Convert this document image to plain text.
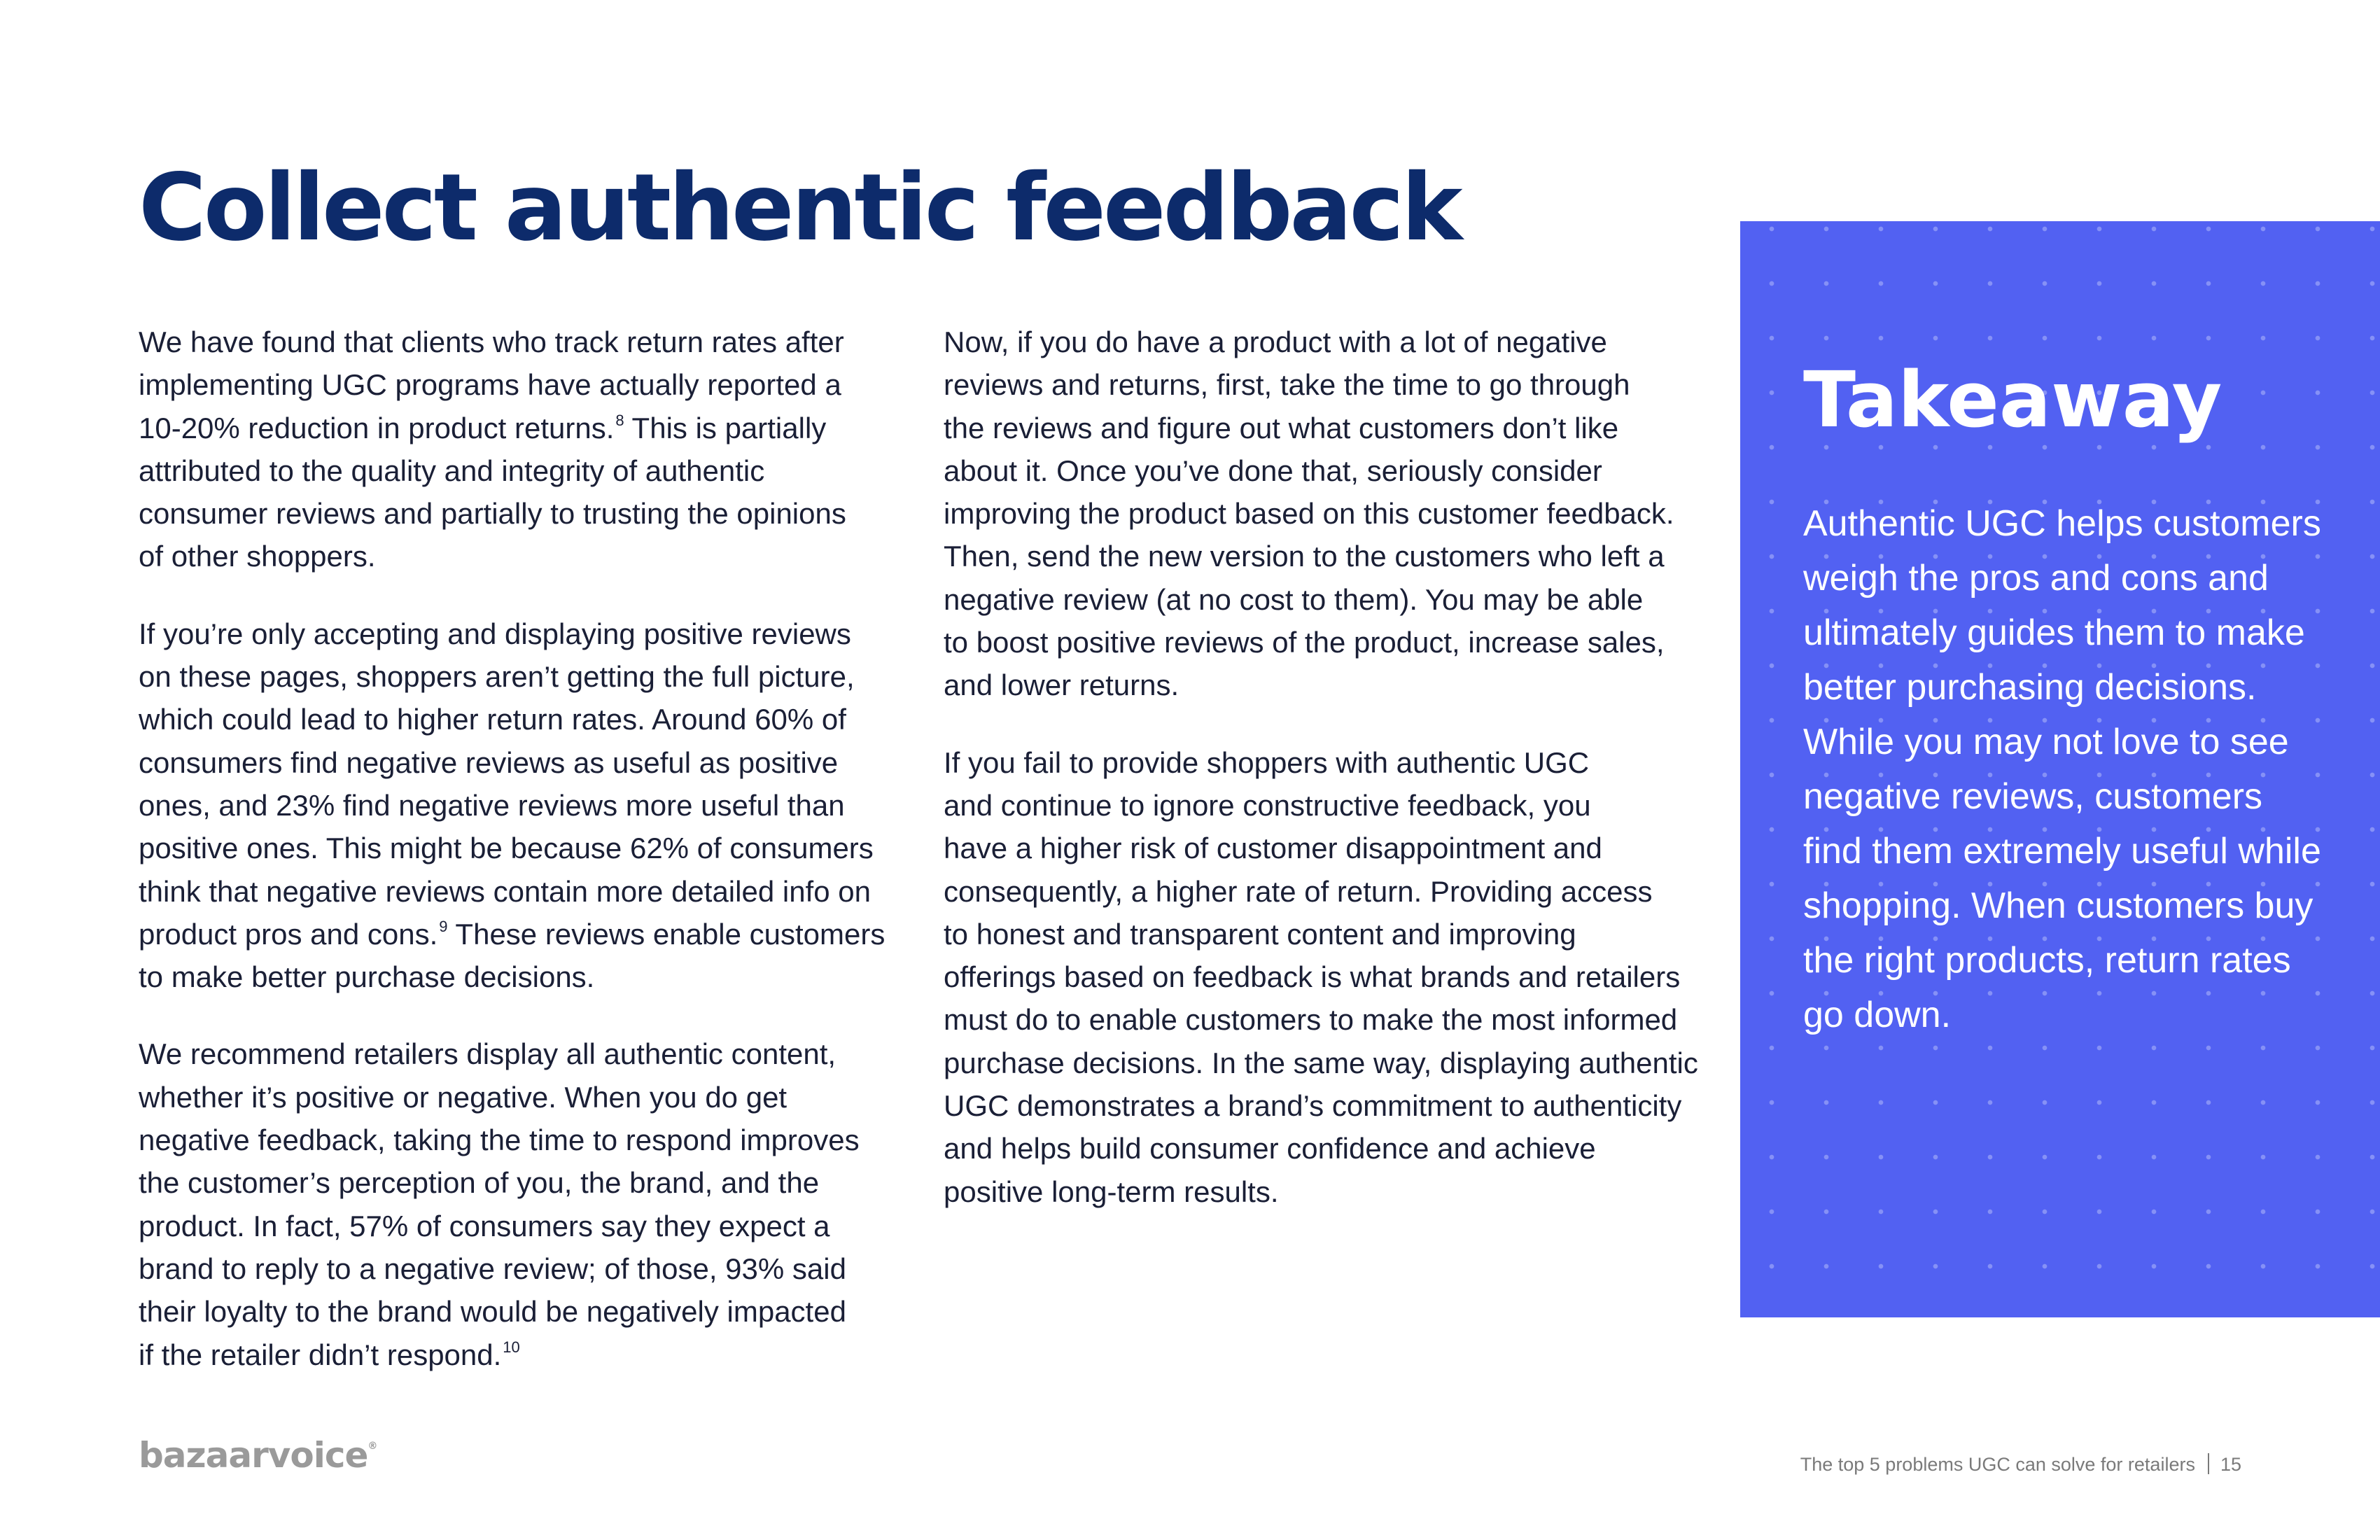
Collect authentic feedback

We have found that clients who track return rates after
implementing UGC programs have actually reported a
10-20% reduction in product returns.$^8$ This is partially
attributed to the quality and integrity of authentic
consumer reviews and partially to trusting the opinions
of other shoppers.

If you’re only accepting and displaying positive reviews
on these pages, shoppers aren’t getting the full picture,
which could lead to higher return rates. Around 60% of
consumers find negative reviews as useful as positive
ones, and 23% find negative reviews more useful than
positive ones. This might be because 62% of consumers
think that negative reviews contain more detailed info on
product pros and cons.$^9$ These reviews enable customers
to make better purchase decisions.

We recommend retailers display all authentic content,
whether it’s positive or negative. When you do get
negative feedback, taking the time to respond improves
the customer’s perception of you, the brand, and the
product. In fact, 57% of consumers say they expect a
brand to reply to a negative review; of those, 93% said
their loyalty to the brand would be negatively impacted
if the retailer didn’t respond.$^{10}$

Now, if you do have a product with a lot of negative
reviews and returns, first, take the time to go through
the reviews and figure out what customers don’t like
about it. Once you’ve done that, seriously consider
improving the product based on this customer feedback.
Then, send the new version to the customers who left a
negative review (at no cost to them). You may be able
to boost positive reviews of the product, increase sales,
and lower returns.

If you fail to provide shoppers with authentic UGC
and continue to ignore constructive feedback, you
have a higher risk of customer disappointment and
consequently, a higher rate of return. Providing access
to honest and transparent content and improving
offerings based on feedback is what brands and retailers
must do to enable customers to make the most informed
purchase decisions. In the same way, displaying authentic
UGC demonstrates a brand’s commitment to authenticity
and helps build consumer confidence and achieve
positive long-term results.

Takeaway

Authentic UGC helps customers
weigh the pros and cons and
ultimately guides them to make
better purchasing decisions.
While you may not love to see
negative reviews, customers
find them extremely useful while
shopping. When customers buy
the right products, return rates
go down.

bazaarvoice®
The top 5 problems UGC can solve for retailers 15
